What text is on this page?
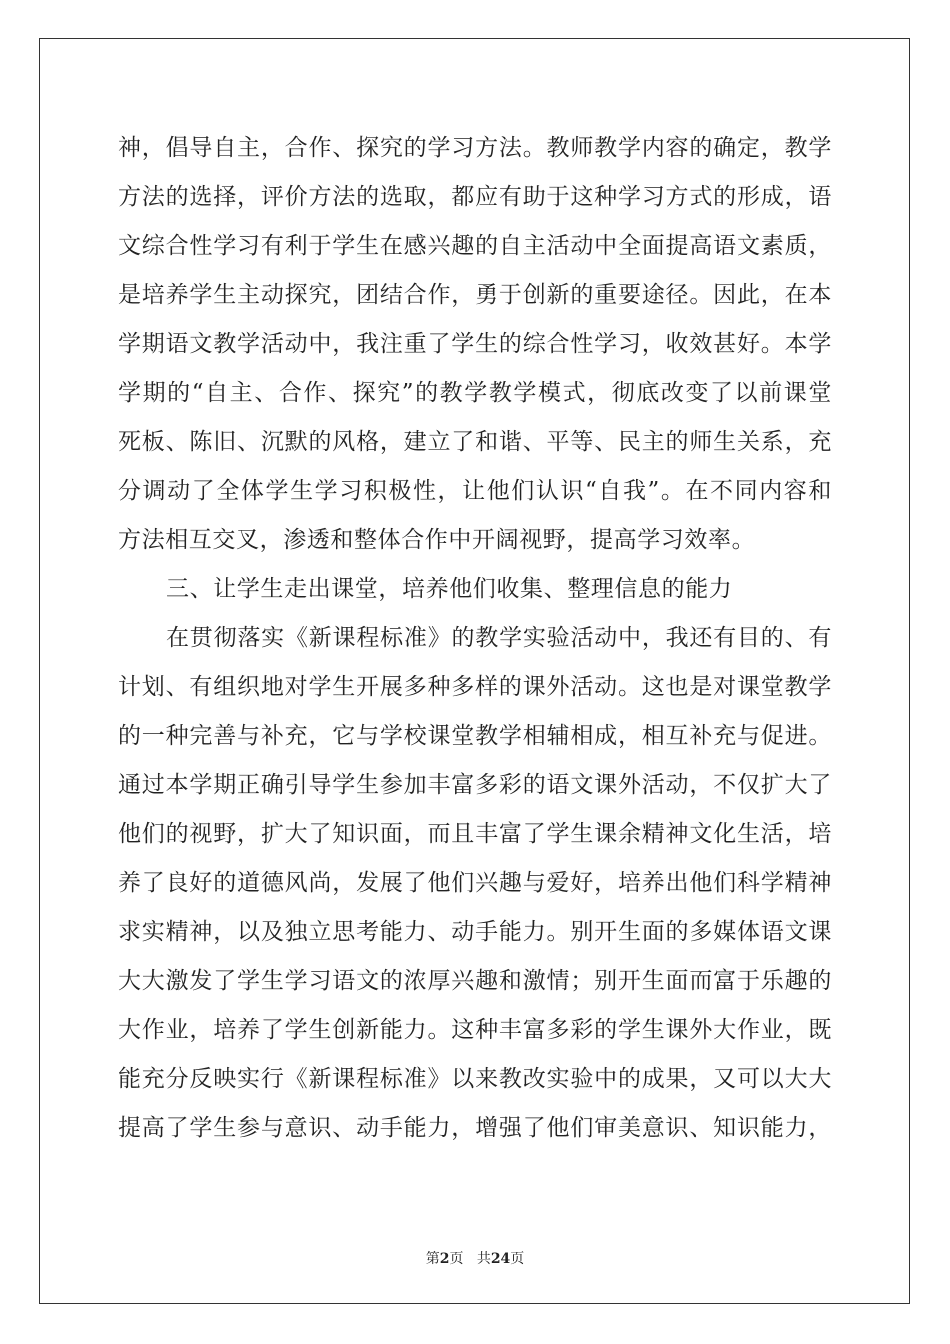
神，倡导自主，合作、探究的学习方法。教师教学内容的确定，教学
方法的选择，评价方法的选取，都应有助于这种学习方式的形成，语
文综合性学习有利于学生在感兴趣的自主活动中全面提高语文素质，
是培养学生主动探究，团结合作，勇于创新的重要途径。因此，在本
学期语文教学活动中，我注重了学生的综合性学习，收效甚好。本学
学期的“自主、合作、探究”的教学教学模式，彻底改变了以前课堂
死板、陈旧、沉默的风格，建立了和谐、平等、民主的师生关系，充
分调动了全体学生学习积极性，让他们认识“自我”。在不同内容和
方法相互交叉，渗透和整体合作中开阔视野，提高学习效率。
三、让学生走出课堂，培养他们收集、整理信息的能力
在贯彻落实《新课程标准》的教学实验活动中，我还有目的、有
计划、有组织地对学生开展多种多样的课外活动。这也是对课堂教学
的一种完善与补充，它与学校课堂教学相辅相成，相互补充与促进。
通过本学期正确引导学生参加丰富多彩的语文课外活动，不仅扩大了
他们的视野，扩大了知识面，而且丰富了学生课余精神文化生活，培
养了良好的道德风尚，发展了他们兴趣与爱好，培养出他们科学精神
求实精神，以及独立思考能力、动手能力。别开生面的多媒体语文课
大大激发了学生学习语文的浓厚兴趣和激情；别开生面而富于乐趣的
大作业，培养了学生创新能力。这种丰富多彩的学生课外大作业，既
能充分反映实行《新课程标准》以来教改实验中的成果，又可以大大
提高了学生参与意识、动手能力，增强了他们审美意识、知识能力，
第2页 共24页
